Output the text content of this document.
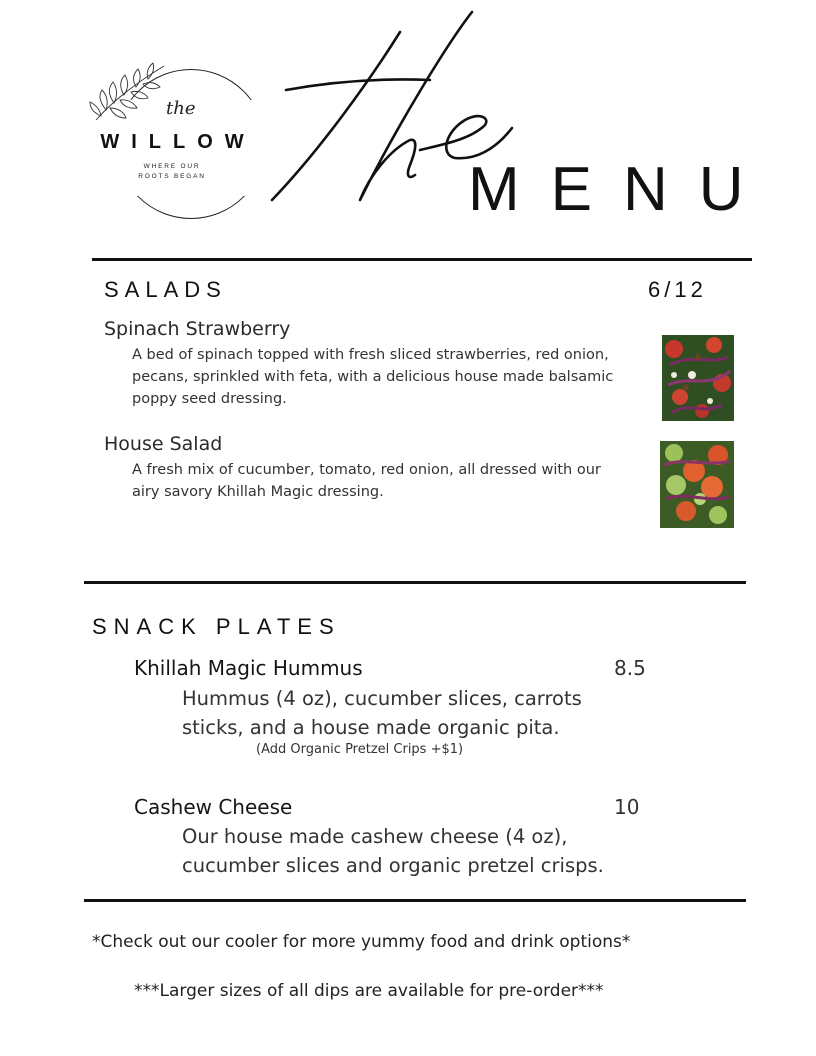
the
WILLOW
WHERE OUR
ROOTS BEGAN	MENU
SALADS	6/12
Spinach Strawberry
A bed of spinach topped with fresh sliced strawberries, red onion, pecans, sprinkled with feta, with a delicious house made balsamic poppy seed dressing.
House Salad
A fresh mix of cucumber, tomato, red onion, all dressed with our airy savory Khillah Magic dressing.
SNACK PLATES
Khillah Magic Hummus	8.5
Hummus (4 oz), cucumber slices, carrots sticks, and a house made organic pita.
(Add Organic Pretzel Crips +$1)
Cashew Cheese	10
Our house made cashew cheese (4 oz), cucumber slices and organic pretzel crisps.
*Check out our cooler for more yummy food and drink options*
***Larger sizes of all dips are available for pre-order***
